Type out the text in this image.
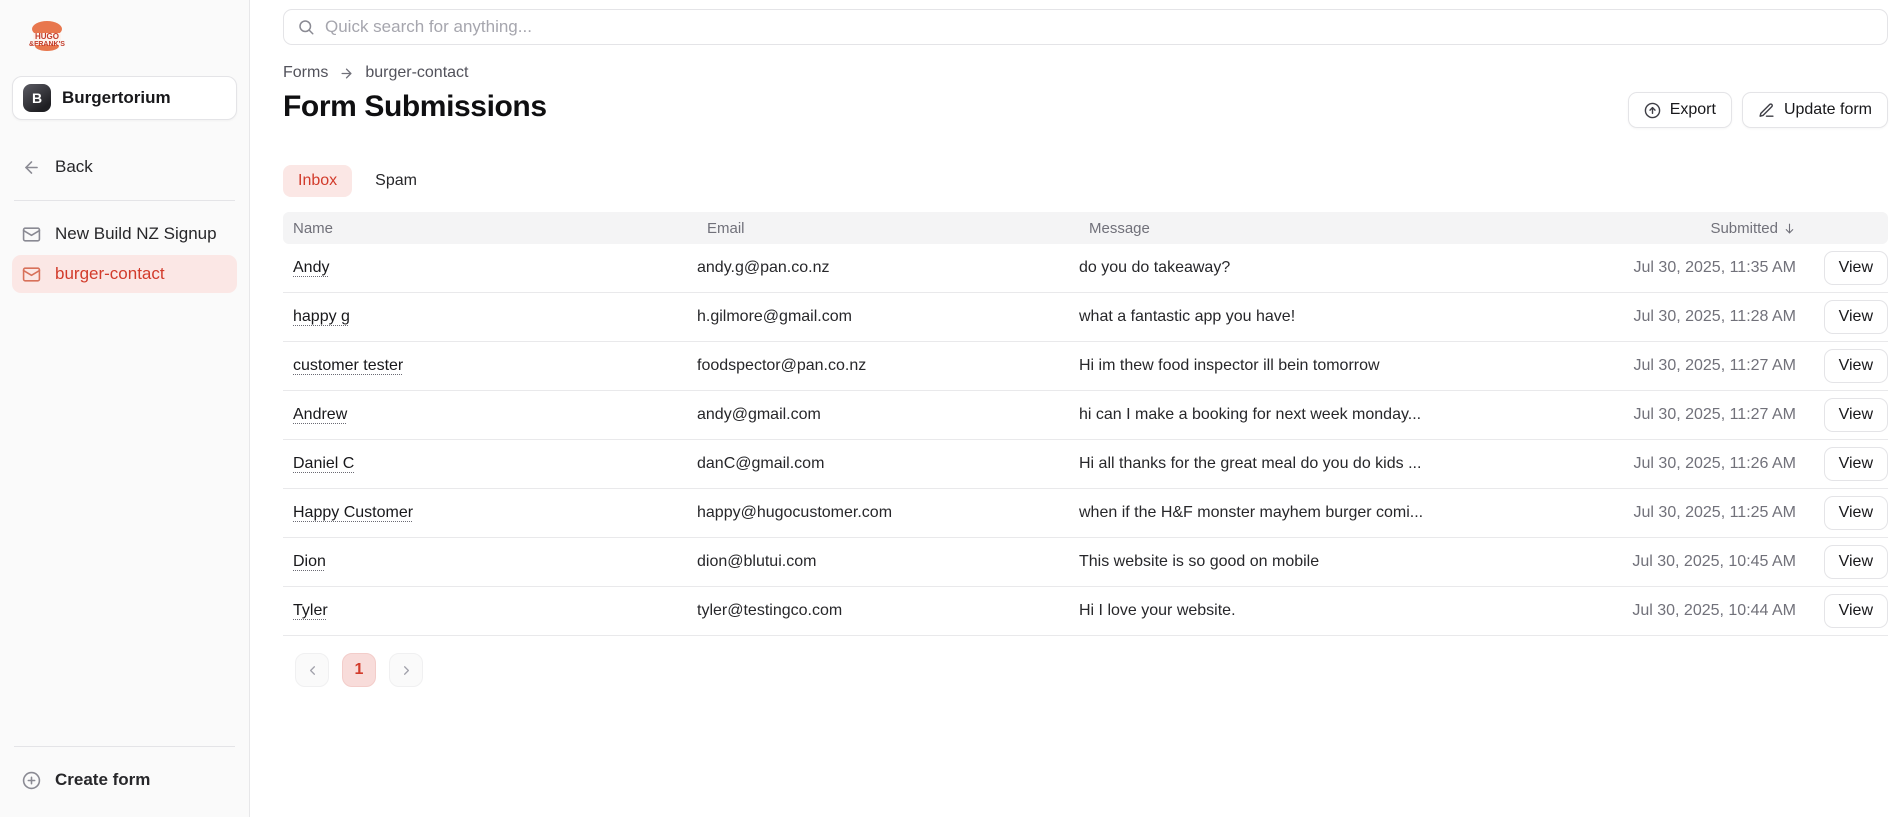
HUGO
&FRANK'S
B	Burgertorium
Back
New Build NZ Signup
burger-contact
Create form
Quick search for anything...
Forms burger-contact
Form Submissions	Export	Update form
Inbox	Spam
Name	Email	Message	Submitted
Andy	andy.g@pan.co.nz	do you do takeaway?	Jul 30, 2025, 11:35 AM	View
happy g	h.gilmore@gmail.com	what a fantastic app you have!	Jul 30, 2025, 11:28 AM	View
customer tester	foodspector@pan.co.nz	Hi im thew food inspector ill bein tomorrow	Jul 30, 2025, 11:27 AM	View
Andrew	andy@gmail.com	hi can I make a booking for next week monday...	Jul 30, 2025, 11:27 AM	View
Daniel C	danC@gmail.com	Hi all thanks for the great meal do you do kids ...	Jul 30, 2025, 11:26 AM	View
Happy Customer	happy@hugocustomer.com	when if the H&F monster mayhem burger comi...	Jul 30, 2025, 11:25 AM	View
Dion	dion@blutui.com	This website is so good on mobile	Jul 30, 2025, 10:45 AM	View
Tyler	tyler@testingco.com	Hi I love your website.	Jul 30, 2025, 10:44 AM	View
1
